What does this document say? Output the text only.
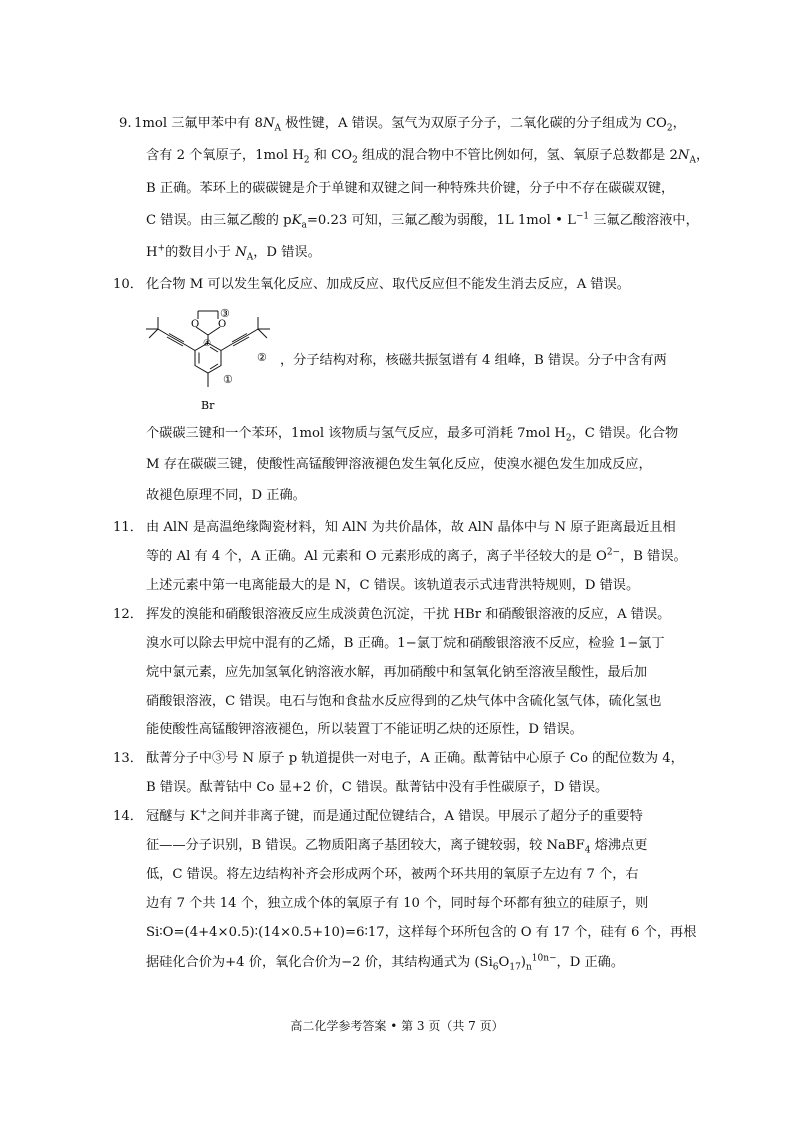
9. 1mol 三氟甲苯中有 $8N_A$ 极性键，A 错误。氢气为双原子分子，二氧化碳的分子组成为 $CO_2$，
含有 2 个氧原子，1mol $H_2$ 和 $CO_2$ 组成的混合物中不管比例如何，氢、氧原子总数都是 $2N_A$，
B 正确。苯环上的碳碳键是介于单键和双键之间一种特殊共价键，分子中不存在碳碳双键，
C 错误。由三氟乙酸的 $pK_a=0.23$ 可知，三氟乙酸为弱酸，1L 1mol • $L^{-1}$ 三氟乙酸溶液中，
H+的数目小于 $N_A$，D 错误。
10． 化合物 M 可以发生氧化反应、加成反应、取代反应但不能发生消去反应，A 错误。
O O
③
④
②
①
Br
，分子结构对称，核磁共振氢谱有 4 组峰，B 错误。分子中含有两
个碳碳三键和一个苯环，1mol 该物质与氢气反应，最多可消耗 7mol $H_2$，C 错误。化合物
M 存在碳碳三键，使酸性高锰酸钾溶液褪色发生氧化反应，使溴水褪色发生加成反应，
故褪色原理不同，D 正确。
11． 由 AlN 是高温绝缘陶瓷材料，知 AlN 为共价晶体，故 AlN 晶体中与 N 原子距离最近且相
等的 Al 有 4 个，A 正确。Al 元素和 O 元素形成的离子，离子半径较大的是 $O^{2-}$，B 错误。
上述元素中第一电离能最大的是 N，C 错误。该轨道表示式违背洪特规则，D 错误。
12． 挥发的溴能和硝酸银溶液反应生成淡黄色沉淀，干扰 HBr 和硝酸银溶液的反应，A 错误。
溴水可以除去甲烷中混有的乙烯，B 正确。1−氯丁烷和硝酸银溶液不反应，检验 1−氯丁
烷中氯元素，应先加氢氧化钠溶液水解，再加硝酸中和氢氧化钠至溶液呈酸性，最后加
硝酸银溶液，C 错误。电石与饱和食盐水反应得到的乙炔气体中含硫化氢气体，硫化氢也
能使酸性高锰酸钾溶液褪色，所以装置丁不能证明乙炔的还原性，D 错误。
13． 酞菁分子中③号 N 原子 p 轨道提供一对电子，A 正确。酞菁钴中心原子 Co 的配位数为 4，
B 错误。酞菁钴中 Co 显+2 价，C 错误。酞菁钴中没有手性碳原子，D 错误。
14． 冠醚与 K+之间并非离子键，而是通过配位键结合，A 错误。甲展示了超分子的重要特
征——分子识别，B 错误。乙物质阳离子基团较大，离子键较弱，较 NaBF$_4$ 熔沸点更
低，C 错误。将左边结构补齐会形成两个环，被两个环共用的氧原子左边有 7 个，右
边有 7 个共 14 个，独立成个体的氧原子有 10 个，同时每个环都有独立的硅原子，则
Si∶O=(4+4×0.5)∶(14×0.5+10)=6∶17，这样每个环所包含的 O 有 17 个，硅有 6 个，再根
据硅化合价为+4 价，氧化合价为−2 价，其结构通式为 $(Si_6O_{17})_n^{10n-}$，D 正确。
高二化学参考答案 • 第 3 页（共 7 页）
